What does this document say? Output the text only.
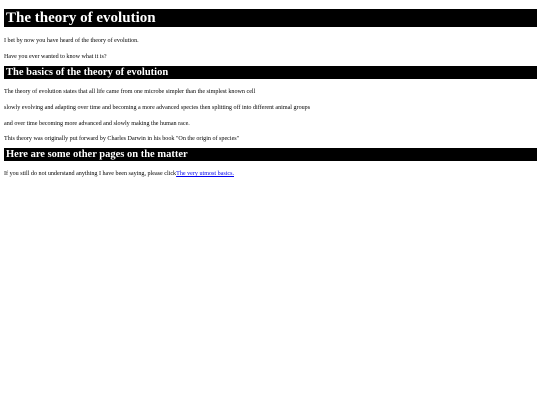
The theory of evolution

I bet by now you have heard of the theory of evolution.

Have you ever wanted to know what it is?

The basics of the theory of evolution

The theory of evolution states that all life came from one microbe simpler than the simplest known cell

slowly evolving and adapting over time and becoming a more advanced species then splitting off into different animal groups

and over time becoming more advanced and slowly making the human race.

This theory was originally put forward by Charles Darwin in his book "On the origin of species"

Here are some other pages on the matter

If you still do not understand anything I have been saying, please clickThe very utmost basics.
